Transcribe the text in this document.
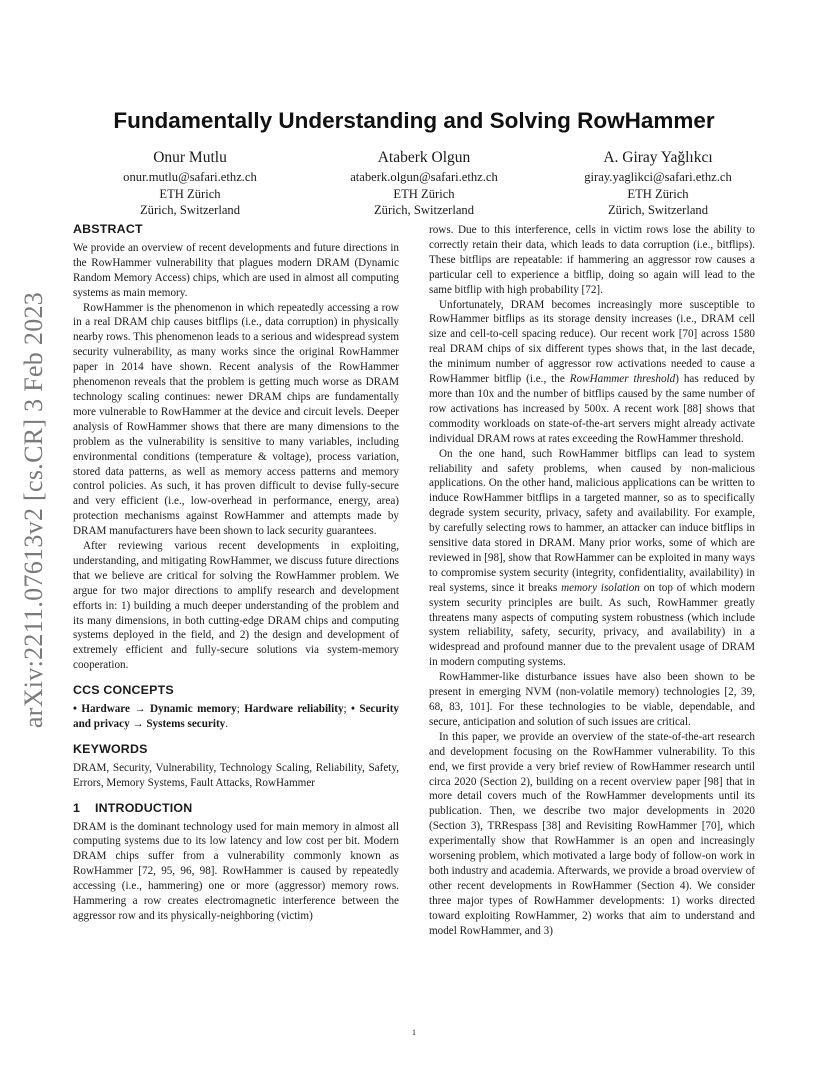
arXiv:2211.07613v2 [cs.CR] 3 Feb 2023
Fundamentally Understanding and Solving RowHammer
Onur Mutlu
onur.mutlu@safari.ethz.ch
ETH Zürich
Zürich, Switzerland
Ataberk Olgun
ataberk.olgun@safari.ethz.ch
ETH Zürich
Zürich, Switzerland
A. Giray Yağlıkcı
giray.yaglikci@safari.ethz.ch
ETH Zürich
Zürich, Switzerland
ABSTRACT

We provide an overview of recent developments and future directions in the RowHammer vulnerability that plagues modern DRAM (Dynamic Random Memory Access) chips, which are used in almost all computing systems as main memory.

RowHammer is the phenomenon in which repeatedly accessing a row in a real DRAM chip causes bitflips (i.e., data corruption) in physically nearby rows. This phenomenon leads to a serious and widespread system security vulnerability, as many works since the original RowHammer paper in 2014 have shown. Recent analysis of the RowHammer phenomenon reveals that the problem is getting much worse as DRAM technology scaling continues: newer DRAM chips are fundamentally more vulnerable to RowHammer at the device and circuit levels. Deeper analysis of RowHammer shows that there are many dimensions to the problem as the vulnerability is sensitive to many variables, including environmental conditions (temperature & voltage), process variation, stored data patterns, as well as memory access patterns and memory control policies. As such, it has proven difficult to devise fully-secure and very efficient (i.e., low-overhead in performance, energy, area) protection mechanisms against RowHammer and attempts made by DRAM manufacturers have been shown to lack security guarantees.

After reviewing various recent developments in exploiting, understanding, and mitigating RowHammer, we discuss future directions that we believe are critical for solving the RowHammer problem. We argue for two major directions to amplify research and development efforts in: 1) building a much deeper understanding of the problem and its many dimensions, in both cutting-edge DRAM chips and computing systems deployed in the field, and 2) the design and development of extremely efficient and fully-secure solutions via system-memory cooperation.

CCS CONCEPTS

• Hardware → Dynamic memory; Hardware reliability; • Security and privacy → Systems security.

KEYWORDS

DRAM, Security, Vulnerability, Technology Scaling, Reliability, Safety, Errors, Memory Systems, Fault Attacks, RowHammer

1 INTRODUCTION

DRAM is the dominant technology used for main memory in almost all computing systems due to its low latency and low cost per bit. Modern DRAM chips suffer from a vulnerability commonly known as RowHammer [72, 95, 96, 98]. RowHammer is caused by repeatedly accessing (i.e., hammering) one or more (aggressor) memory rows. Hammering a row creates electromagnetic interference between the aggressor row and its physically-neighboring (victim)

rows. Due to this interference, cells in victim rows lose the ability to correctly retain their data, which leads to data corruption (i.e., bitflips). These bitflips are repeatable: if hammering an aggressor row causes a particular cell to experience a bitflip, doing so again will lead to the same bitflip with high probability [72].

Unfortunately, DRAM becomes increasingly more susceptible to RowHammer bitflips as its storage density increases (i.e., DRAM cell size and cell-to-cell spacing reduce). Our recent work [70] across 1580 real DRAM chips of six different types shows that, in the last decade, the minimum number of aggressor row activations needed to cause a RowHammer bitflip (i.e., the RowHammer threshold) has reduced by more than 10x and the number of bitflips caused by the same number of row activations has increased by 500x. A recent work [88] shows that commodity workloads on state-of-the-art servers might already activate individual DRAM rows at rates exceeding the RowHammer threshold.

On the one hand, such RowHammer bitflips can lead to system reliability and safety problems, when caused by non-malicious applications. On the other hand, malicious applications can be written to induce RowHammer bitflips in a targeted manner, so as to specifically degrade system security, privacy, safety and availability. For example, by carefully selecting rows to hammer, an attacker can induce bitflips in sensitive data stored in DRAM. Many prior works, some of which are reviewed in [98], show that RowHammer can be exploited in many ways to compromise system security (integrity, confidentiality, availability) in real systems, since it breaks memory isolation on top of which modern system security principles are built. As such, RowHammer greatly threatens many aspects of computing system robustness (which include system reliability, safety, security, privacy, and availability) in a widespread and profound manner due to the prevalent usage of DRAM in modern computing systems.

RowHammer-like disturbance issues have also been shown to be present in emerging NVM (non-volatile memory) technologies [2, 39, 68, 83, 101]. For these technologies to be viable, dependable, and secure, anticipation and solution of such issues are critical.

In this paper, we provide an overview of the state-of-the-art research and development focusing on the RowHammer vulnerability. To this end, we first provide a very brief review of RowHammer research until circa 2020 (Section 2), building on a recent overview paper [98] that in more detail covers much of the RowHammer developments until its publication. Then, we describe two major developments in 2020 (Section 3), TRRespass [38] and Revisiting RowHammer [70], which experimentally show that RowHammer is an open and increasingly worsening problem, which motivated a large body of follow-on work in both industry and academia. Afterwards, we provide a broad overview of other recent developments in RowHammer (Section 4). We consider three major types of RowHammer developments: 1) works directed toward exploiting RowHammer, 2) works that aim to understand and model RowHammer, and 3)

1
